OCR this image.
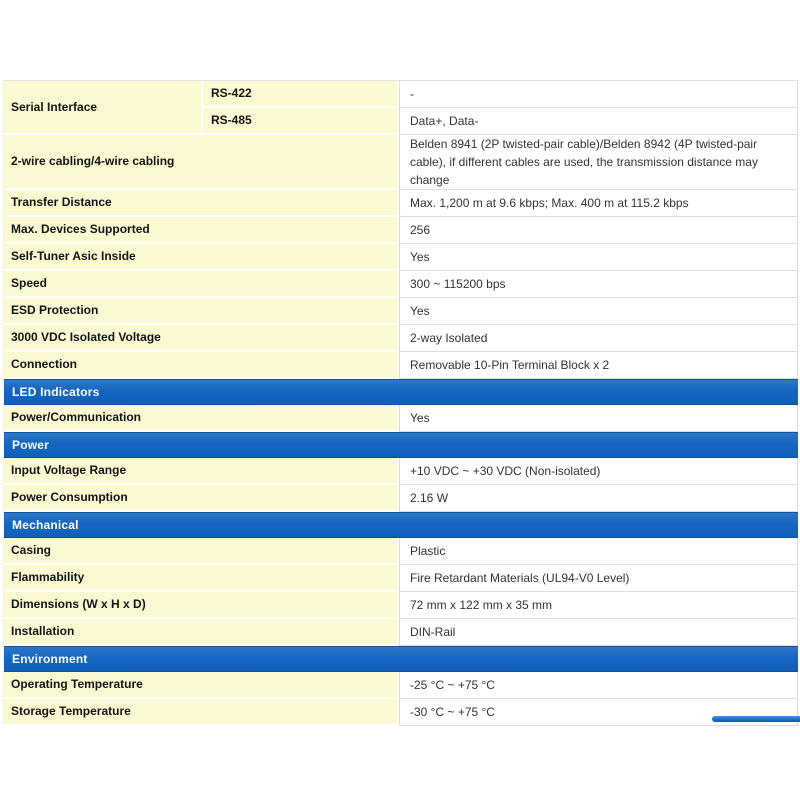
Serial Interface	RS-422	-
	RS-485	Data+, Data-
2-wire cabling/4-wire cabling		Belden 8941 (2P twisted-pair cable)/Belden 8942 (4P twisted-pair cable), if different cables are used, the transmission distance may change
Transfer Distance		Max. 1,200 m at 9.6 kbps; Max. 400 m at 115.2 kbps
Max. Devices Supported		256
Self-Tuner Asic Inside		Yes
Speed		300 ~ 115200 bps
ESD Protection		Yes
3000 VDC Isolated Voltage		2-way Isolated
Connection		Removable 10-Pin Terminal Block x 2
LED Indicators		
Power/Communication		Yes
Power		
Input Voltage Range		+10 VDC ~ +30 VDC (Non-isolated)
Power Consumption		2.16 W
Mechanical		
Casing		Plastic
Flammability		Fire Retardant Materials (UL94-V0 Level)
Dimensions (W x H x D)		72 mm x 122 mm x 35 mm
Installation		DIN-Rail
Environment		
Operating Temperature		-25 °C ~ +75 °C
Storage Temperature		-30 °C ~ +75 °C
